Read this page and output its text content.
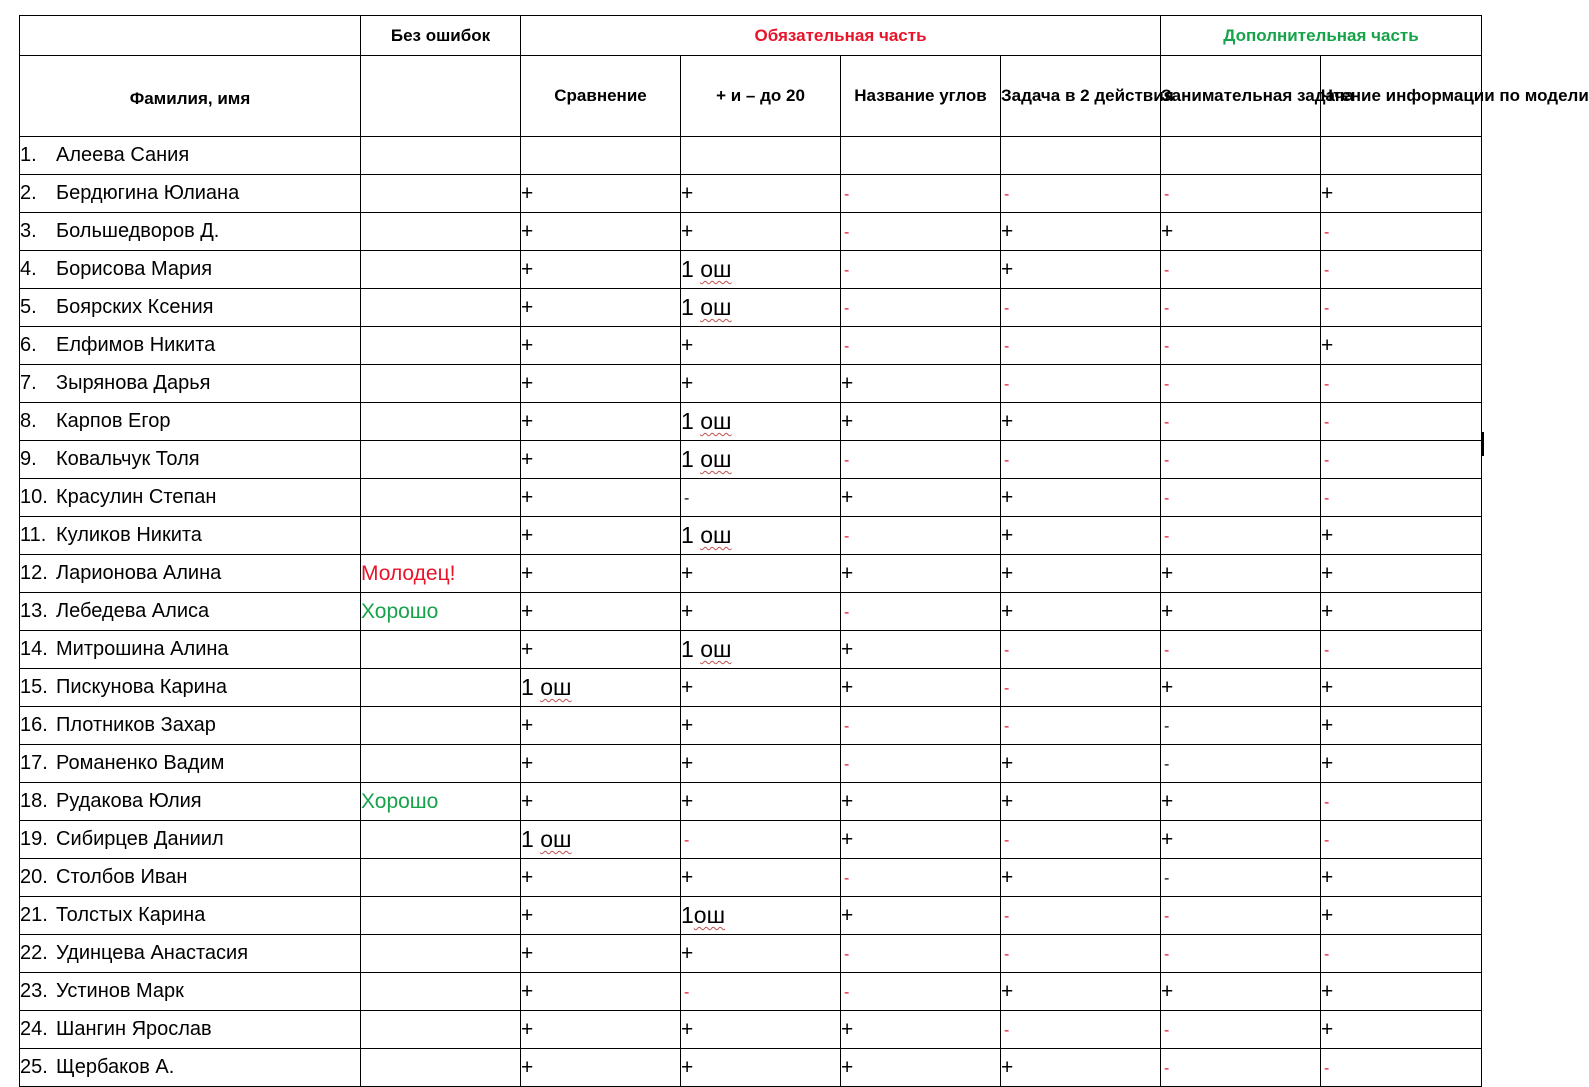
	Без ошибок	Обязательная часть				Дополнительная часть	
Фамилия, имя		Сравнение	+ и – до 20	Название углов	Задача в 2 действия	Занимательная задача	Чтение информации по модели
1. Алеева Сания							
2. Бердюгина Юлиана		+	+	-	-	-	+
3. Большедворов Д.		+	+	-	+	+	-
4. Борисова Мария		+	1 ош	-	+	-	-
5. Боярских Ксения		+	1 ош	-	-	-	-
6. Елфимов Никита		+	+	-	-	-	+
7. Зырянова Дарья		+	+	+	-	-	-
8. Карпов Егор		+	1 ош	+	+	-	-
9. Ковальчук Толя		+	1 ош	-	-	-	-
10. Красулин Степан		+	-	+	+	-	-
11. Куликов Никита		+	1 ош	-	+	-	+
12. Ларионова Алина	Молодец!	+	+	+	+	+	+
13. Лебедева Алиса	Хорошо	+	+	-	+	+	+
14. Митрошина Алина		+	1 ош	+	-	-	-
15. Пискунова Карина		1 ош	+	+	-	+	+
16. Плотников Захар		+	+	-	-	-	+
17. Романенко Вадим		+	+	-	+	-	+
18. Рудакова Юлия	Хорошо	+	+	+	+	+	-
19. Сибирцев Даниил		1 ош	-	+	-	+	-
20. Столбов Иван		+	+	-	+	-	+
21. Толстых Карина		+	1ош	+	-	-	+
22. Удинцева Анастасия		+	+	-	-	-	-
23. Устинов Марк		+	-	-	+	+	+
24. Шангин Ярослав		+	+	+	-	-	+
25. Щербаков А.		+	+	+	+	-	-
